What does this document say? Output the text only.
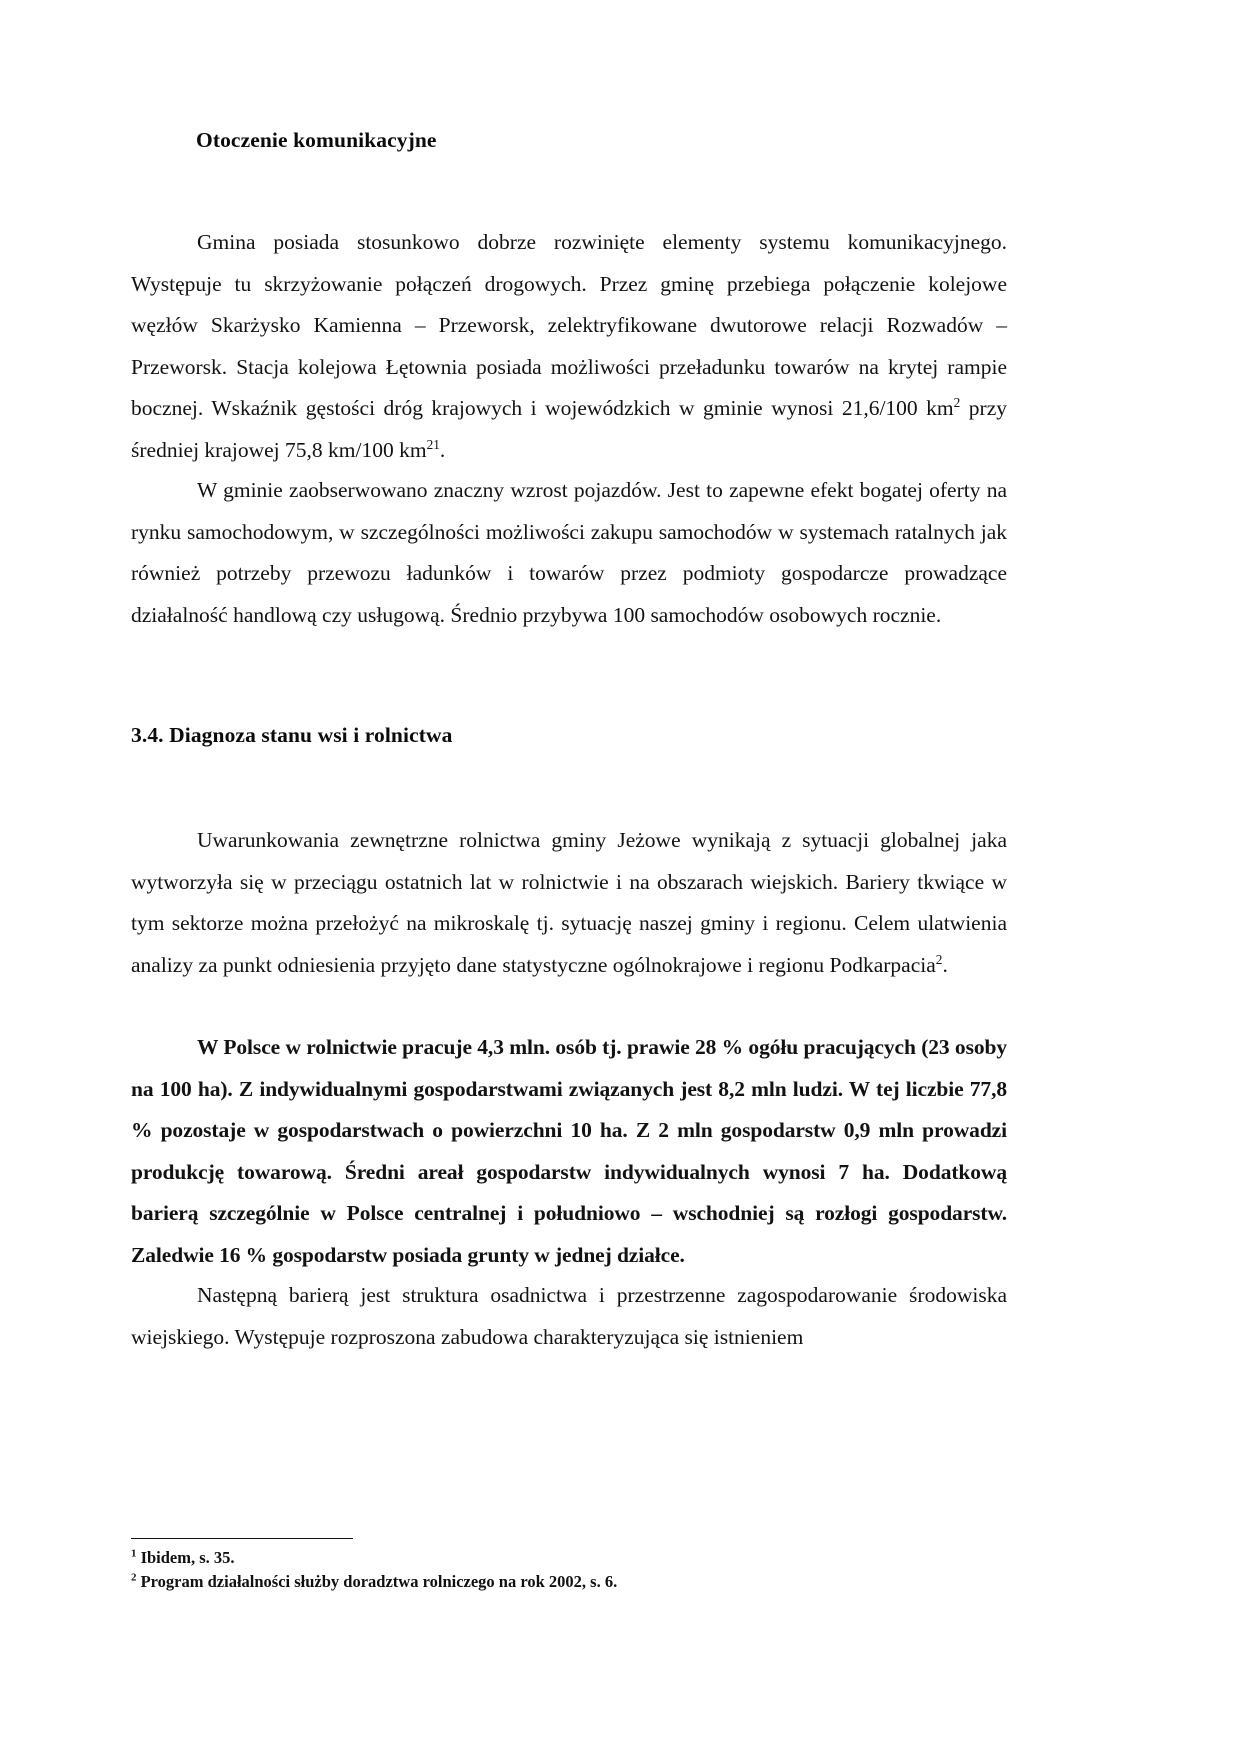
Otoczenie komunikacyjne

Gmina posiada stosunkowo dobrze rozwinięte elementy systemu komunikacyjnego. Występuje tu skrzyżowanie połączeń drogowych. Przez gminę przebiega połączenie kolejowe węzłów Skarżysko Kamienna – Przeworsk, zelektryfikowane dwutorowe relacji Rozwadów – Przeworsk. Stacja kolejowa Łętownia posiada możliwości przeładunku towarów na krytej rampie bocznej. Wskaźnik gęstości dróg krajowych i wojewódzkich w gminie wynosi 21,6/100 $km^2$ przy średniej krajowej 75,8 km/100 $km^{21}$.

W gminie zaobserwowano znaczny wzrost pojazdów. Jest to zapewne efekt bogatej oferty na rynku samochodowym, w szczególności możliwości zakupu samochodów w systemach ratalnych jak również potrzeby przewozu ładunków i towarów przez podmioty gospodarcze prowadzące działalność handlową czy usługową. Średnio przybywa 100 samochodów osobowych rocznie.

3.4. Diagnoza stanu wsi i rolnictwa

Uwarunkowania zewnętrzne rolnictwa gminy Jeżowe wynikają z sytuacji globalnej jaka wytworzyła się w przeciągu ostatnich lat w rolnictwie i na obszarach wiejskich. Bariery tkwiące w tym sektorze można przełożyć na mikroskalę tj. sytuację naszej gminy i regionu. Celem ulatwienia analizy za punkt odniesienia przyjęto dane statystyczne ogólnokrajowe i regionu Podkarpacia$^2$.

W Polsce w rolnictwie pracuje 4,3 mln. osób tj. prawie 28 % ogółu pracujących (23 osoby na 100 ha). Z indywidualnymi gospodarstwami związanych jest 8,2 mln ludzi. W tej liczbie 77,8 % pozostaje w gospodarstwach o powierzchni 10 ha. Z 2 mln gospodarstw 0,9 mln prowadzi produkcję towarową. Średni areał gospodarstw indywidualnych wynosi 7 ha. Dodatkową barierą szczególnie w Polsce centralnej i południowo – wschodniej są rozłogi gospodarstw. Zaledwie 16 % gospodarstw posiada grunty w jednej działce.

Następną barierą jest struktura osadnictwa i przestrzenne zagospodarowanie środowiska wiejskiego. Występuje rozproszona zabudowa charakteryzująca się istnieniem

$^1$ Ibidem, s. 35.

$^2$ Program działalności służby doradztwa rolniczego na rok 2002, s. 6.
